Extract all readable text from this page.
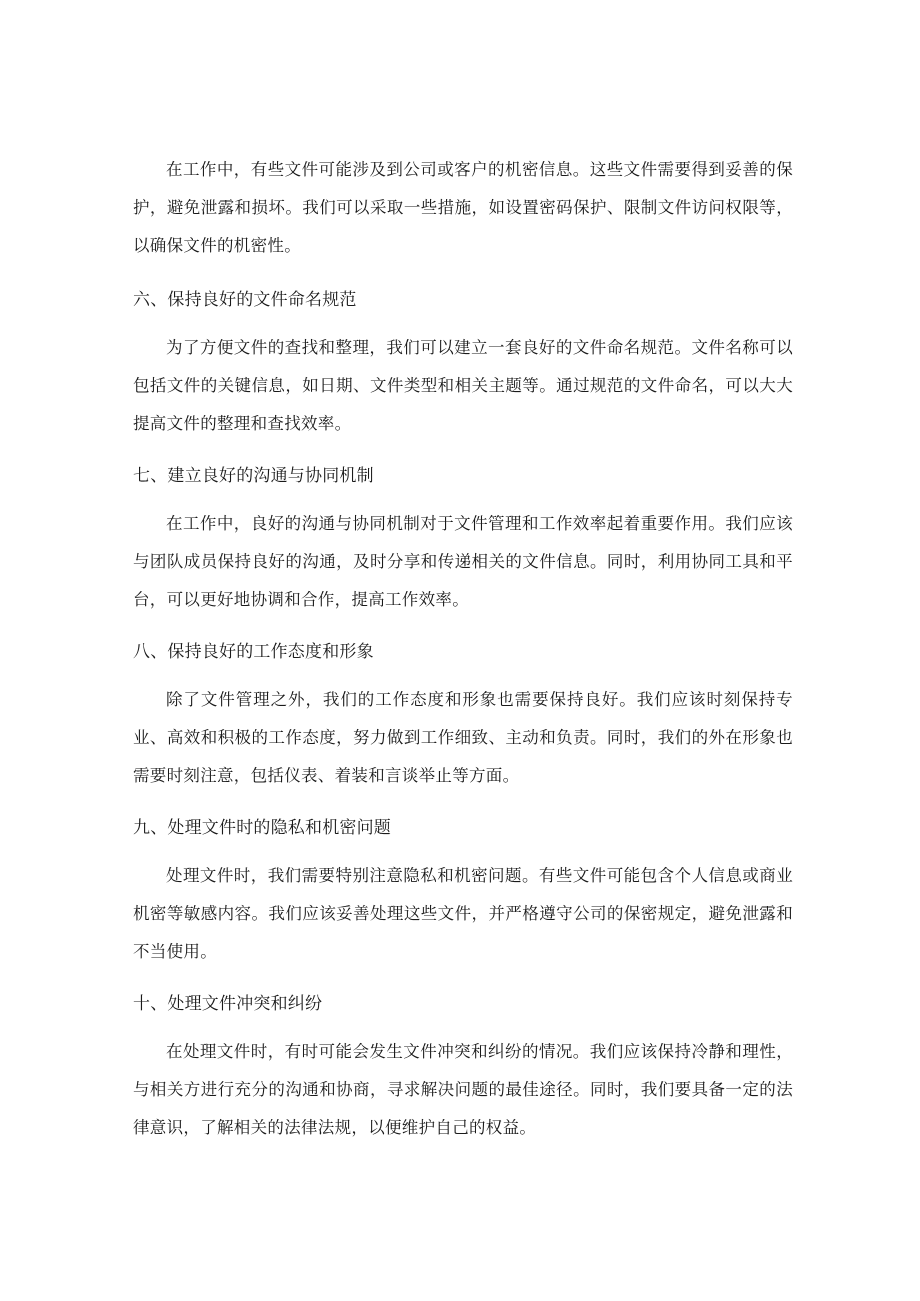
在工作中，有些文件可能涉及到公司或客户的机密信息。这些文件需要得到妥善的保护，避免泄露和损坏。我们可以采取一些措施，如设置密码保护、限制文件访问权限等，以确保文件的机密性。

六、保持良好的文件命名规范

为了方便文件的查找和整理，我们可以建立一套良好的文件命名规范。文件名称可以包括文件的关键信息，如日期、文件类型和相关主题等。通过规范的文件命名，可以大大提高文件的整理和查找效率。

七、建立良好的沟通与协同机制

在工作中，良好的沟通与协同机制对于文件管理和工作效率起着重要作用。我们应该与团队成员保持良好的沟通，及时分享和传递相关的文件信息。同时，利用协同工具和平台，可以更好地协调和合作，提高工作效率。

八、保持良好的工作态度和形象

除了文件管理之外，我们的工作态度和形象也需要保持良好。我们应该时刻保持专业、高效和积极的工作态度，努力做到工作细致、主动和负责。同时，我们的外在形象也需要时刻注意，包括仪表、着装和言谈举止等方面。

九、处理文件时的隐私和机密问题

处理文件时，我们需要特别注意隐私和机密问题。有些文件可能包含个人信息或商业机密等敏感内容。我们应该妥善处理这些文件，并严格遵守公司的保密规定，避免泄露和不当使用。

十、处理文件冲突和纠纷

在处理文件时，有时可能会发生文件冲突和纠纷的情况。我们应该保持冷静和理性，与相关方进行充分的沟通和协商，寻求解决问题的最佳途径。同时，我们要具备一定的法律意识，了解相关的法律法规，以便维护自己的权益。
